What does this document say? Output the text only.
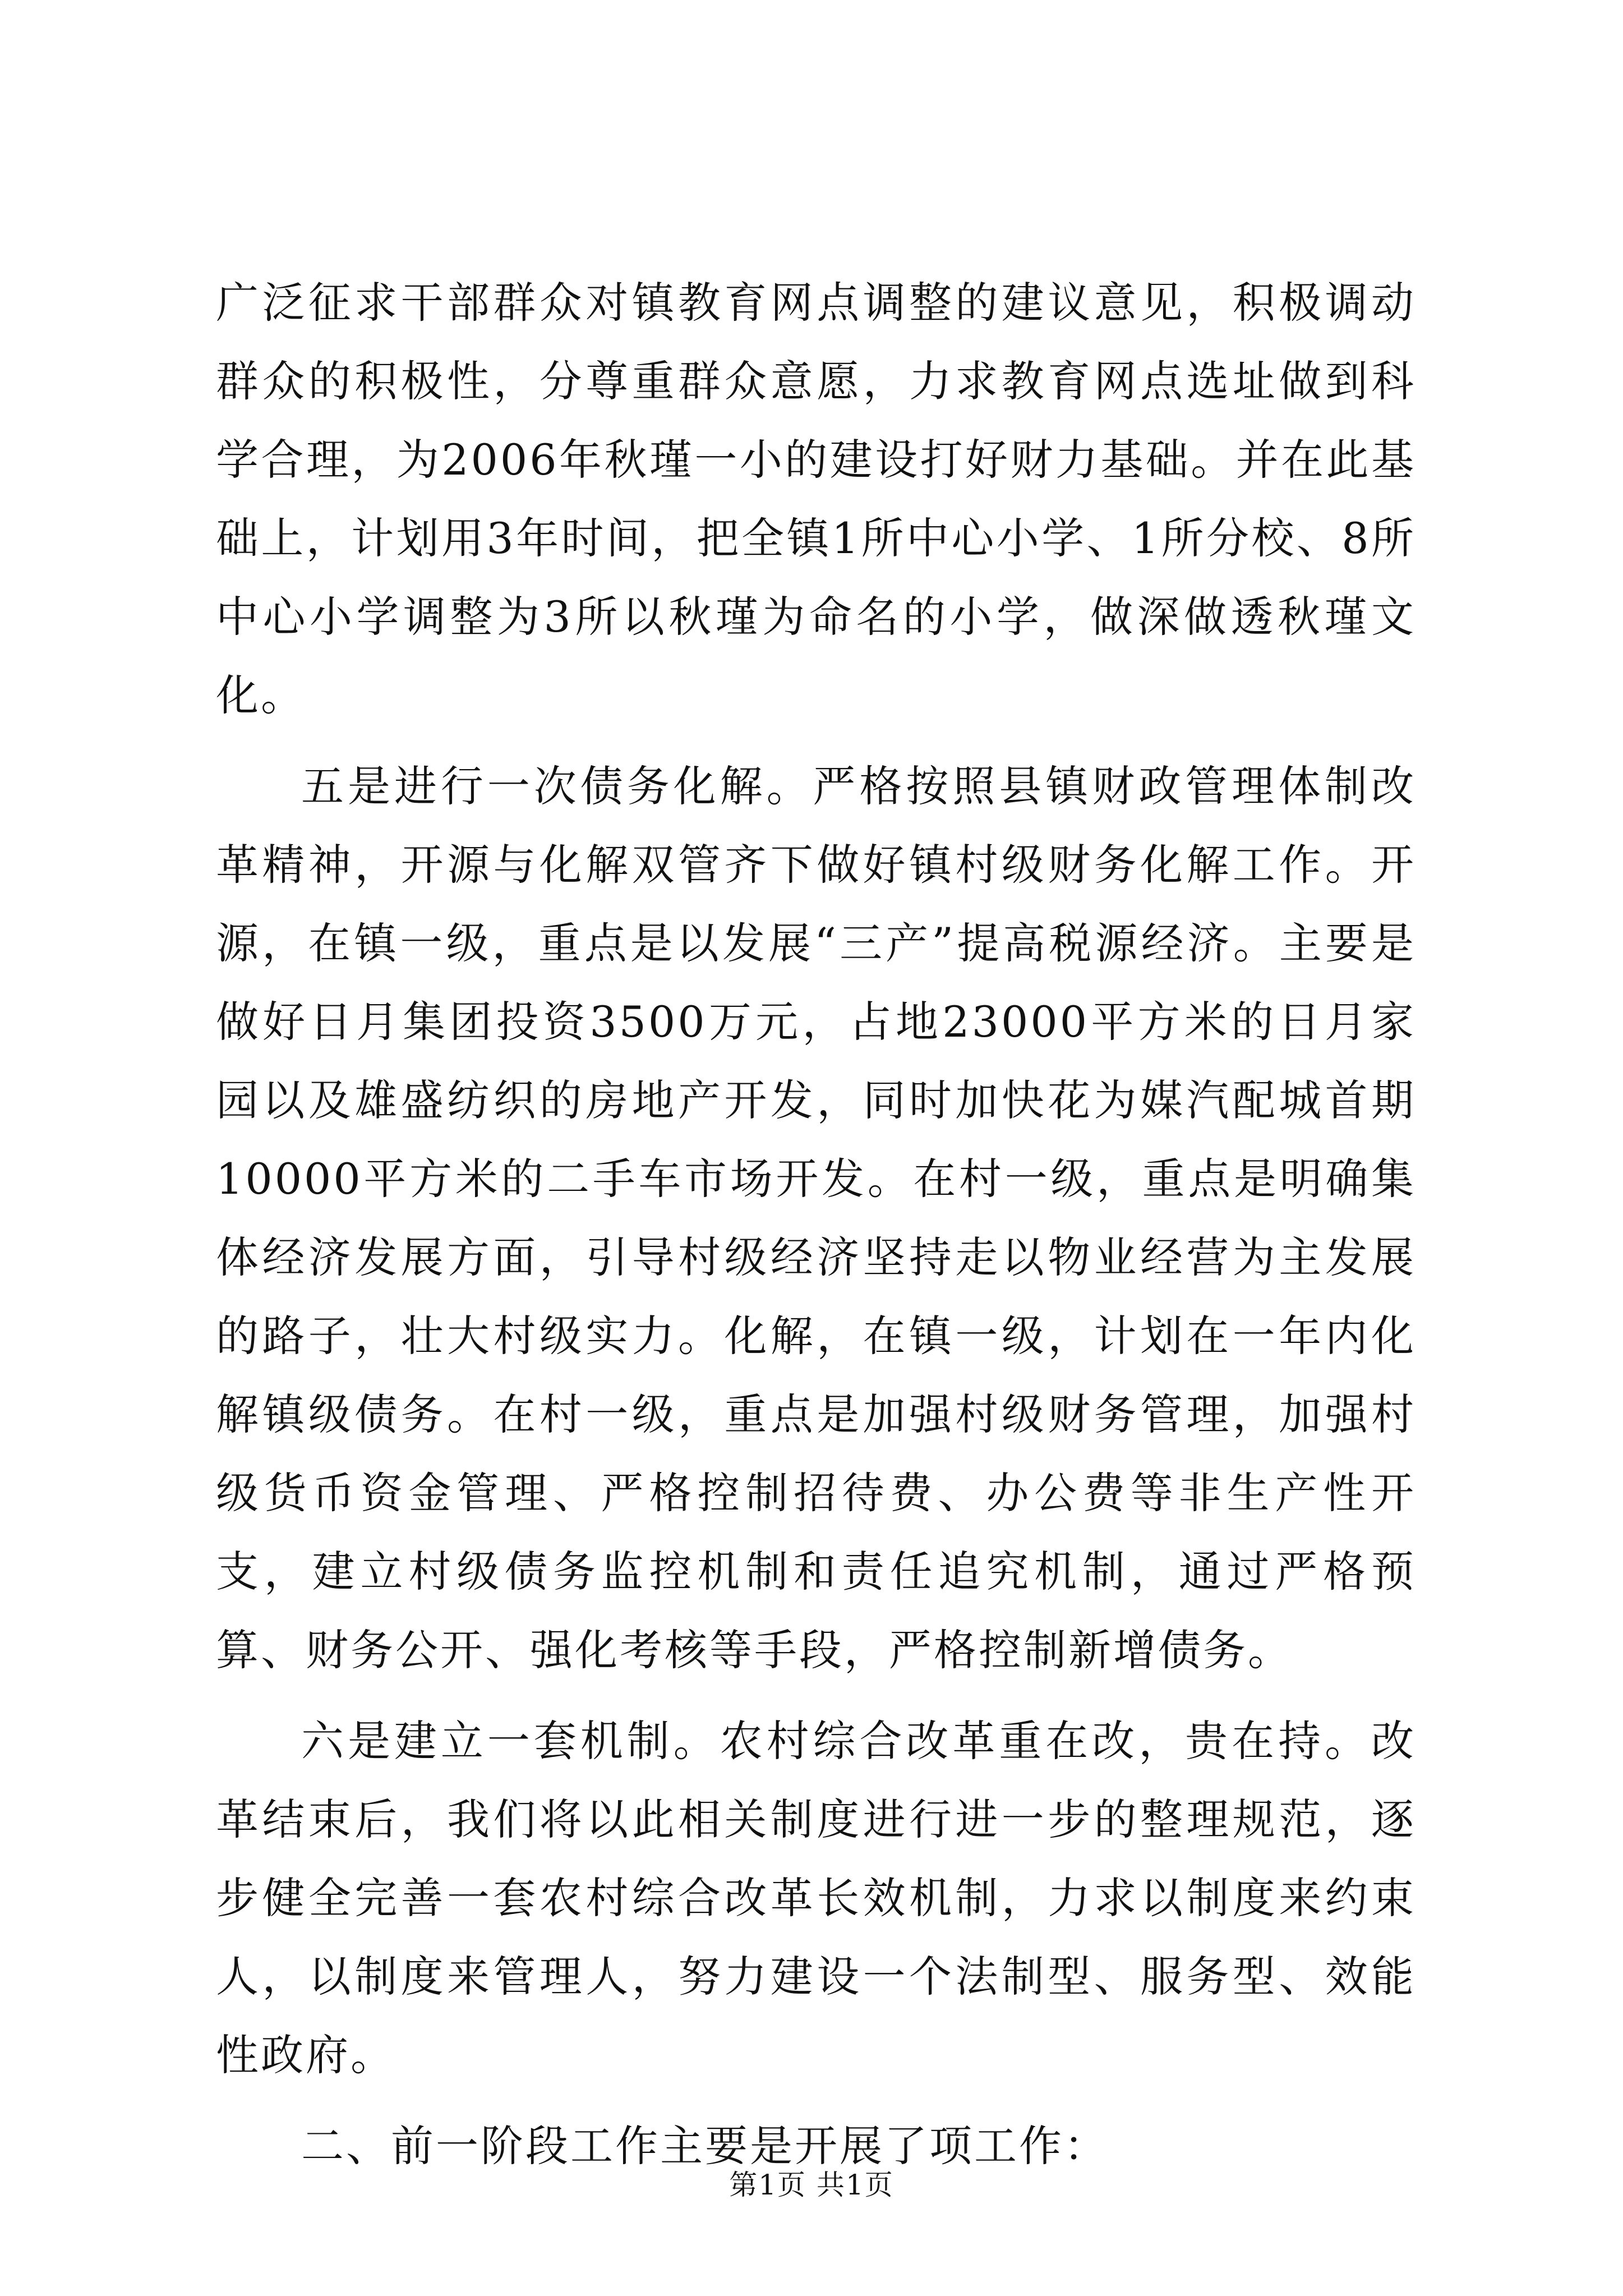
广泛征求干部群众对镇教育网点调整的建议意见，积极调动群众的积极性，分尊重群众意愿，力求教育网点选址做到科学合理，为2006年秋瑾一小的建设打好财力基础。并在此基础上，计划用3年时间，把全镇1所中心小学、1所分校、8所中心小学调整为3所以秋瑾为命名的小学，做深做透秋瑾文化。

五是进行一次债务化解。严格按照县镇财政管理体制改革精神，开源与化解双管齐下做好镇村级财务化解工作。开源，在镇一级，重点是以发展“三产”提高税源经济。主要是做好日月集团投资3500万元，占地23000平方米的日月家园以及雄盛纺织的房地产开发，同时加快花为媒汽配城首期10000平方米的二手车市场开发。在村一级，重点是明确集体经济发展方面，引导村级经济坚持走以物业经营为主发展的路子，壮大村级实力。化解，在镇一级，计划在一年内化解镇级债务。在村一级，重点是加强村级财务管理，加强村级货币资金管理、严格控制招待费、办公费等非生产性开支，建立村级债务监控机制和责任追究机制，通过严格预算、财务公开、强化考核等手段，严格控制新增债务。

六是建立一套机制。农村综合改革重在改，贵在持。改革结束后，我们将以此相关制度进行进一步的整理规范，逐步健全完善一套农村综合改革长效机制，力求以制度来约束人，以制度来管理人，努力建设一个法制型、服务型、效能性政府。

二、前一阶段工作主要是开展了项工作：

第1页 共1页
